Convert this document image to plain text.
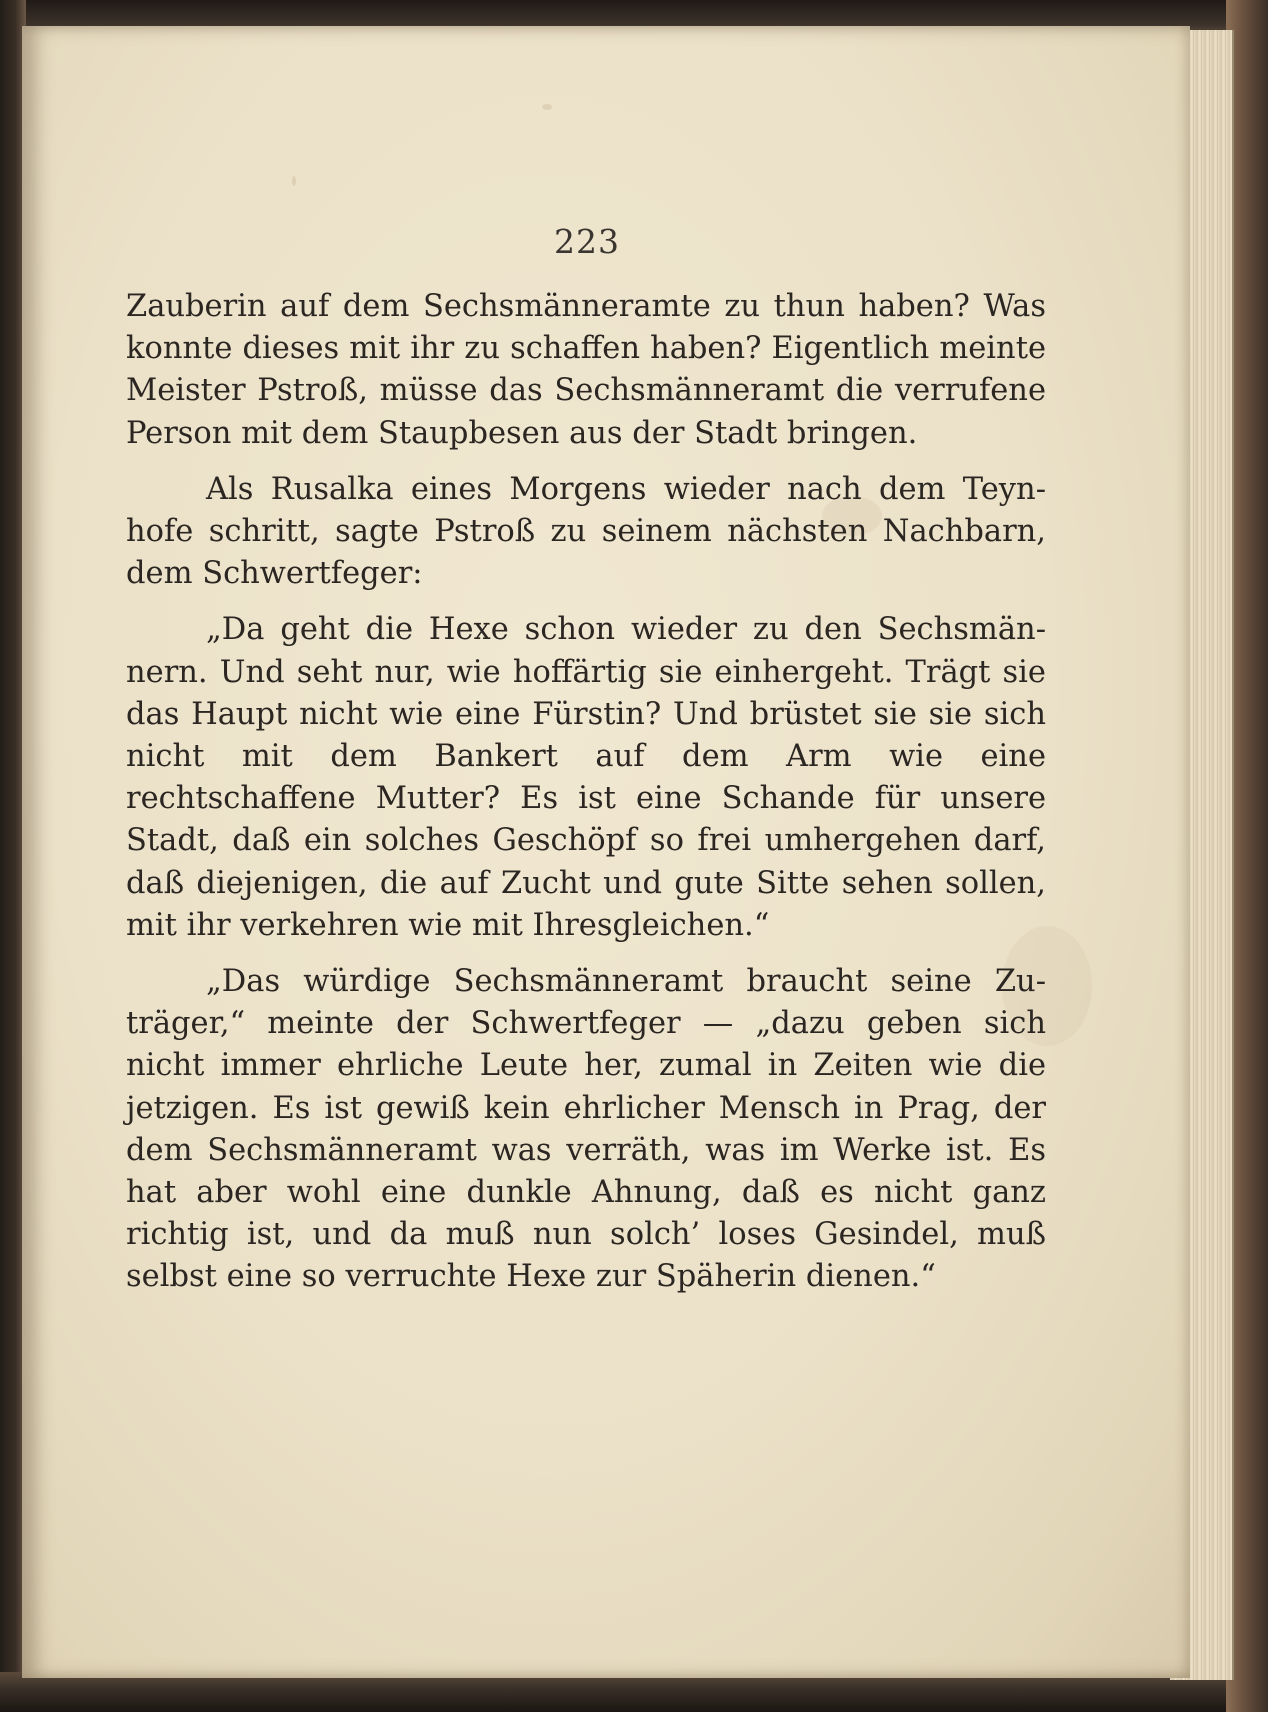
223

Zauberin auf dem Sechsmänneramte zu thun haben? Was konnte dieses mit ihr zu schaffen haben? Eigentlich meinte Meister Pstroß, müsse das Sechsmänneramt die verrufene Person mit dem Staupbesen aus der Stadt bringen.

Als Rusalka eines Morgens wieder nach dem Teynhofe schritt, sagte Pstroß zu seinem nächsten Nachbarn, dem Schwertfeger:

„Da geht die Hexe schon wieder zu den Sechsmännern. Und seht nur, wie hoffärtig sie einhergeht. Trägt sie das Haupt nicht wie eine Fürstin? Und brüstet sie sie sich nicht mit dem Bankert auf dem Arm wie eine rechtschaffene Mutter? Es ist eine Schande für unsere Stadt, daß ein solches Geschöpf so frei umhergehen darf, daß diejenigen, die auf Zucht und gute Sitte sehen sollen, mit ihr verkehren wie mit Ihresgleichen.“

„Das würdige Sechsmänneramt braucht seine Zuträger,“ meinte der Schwertfeger — „dazu geben sich nicht immer ehrliche Leute her, zumal in Zeiten wie die jetzigen. Es ist gewiß kein ehrlicher Mensch in Prag, der dem Sechsmänneramt was verräth, was im Werke ist. Es hat aber wohl eine dunkle Ahnung, daß es nicht ganz richtig ist, und da muß nun solch’ loses Gesindel, muß selbst eine so verruchte Hexe zur Späherin dienen.“
